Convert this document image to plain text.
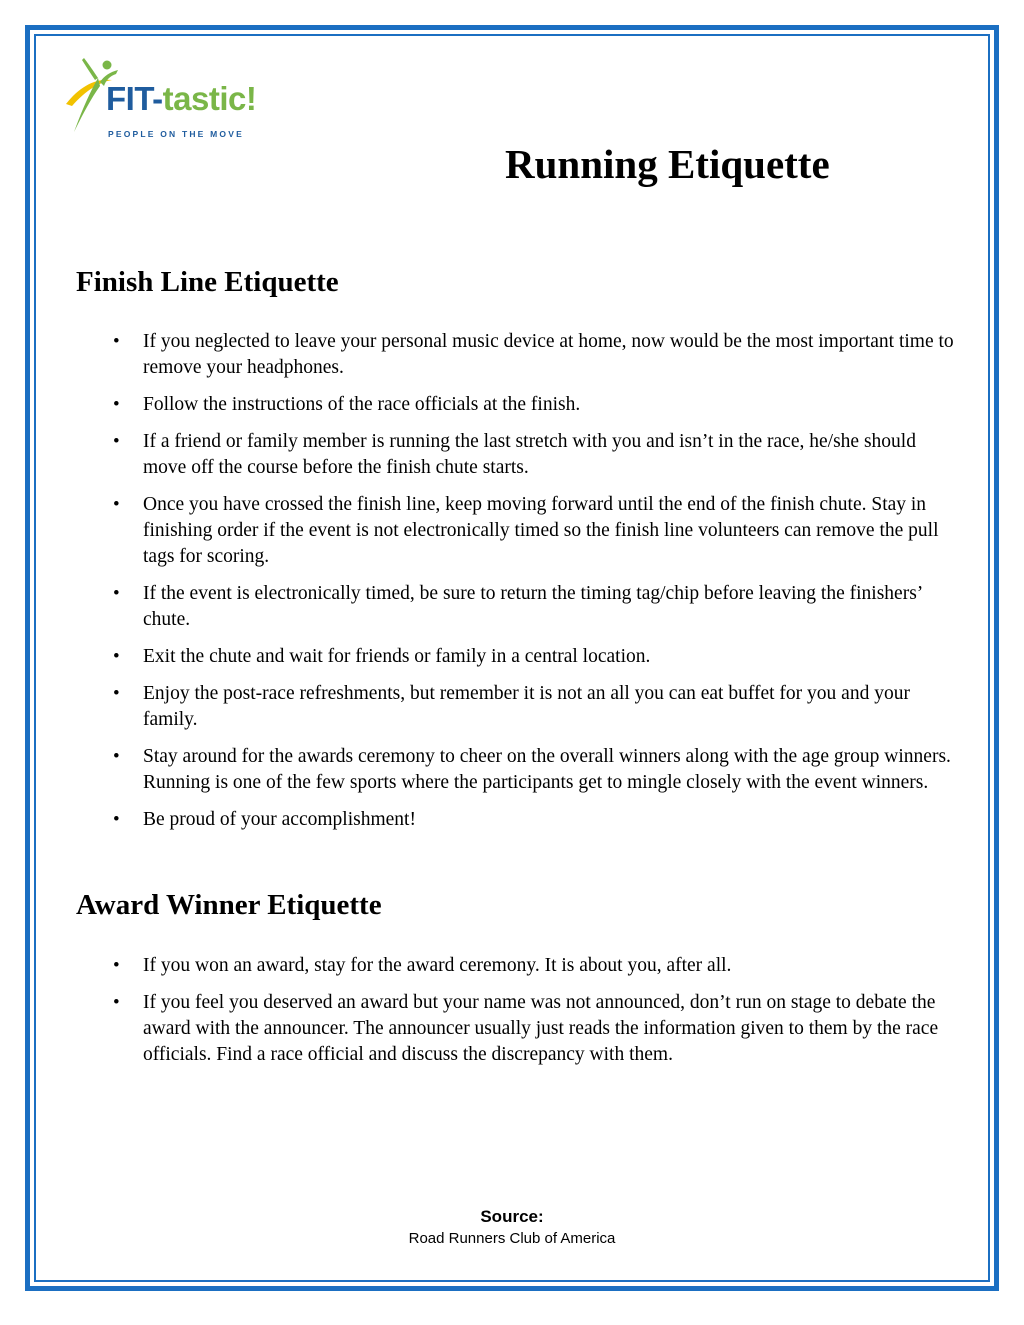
FIT-tastic!
PEOPLE ON THE MOVE
Running Etiquette
Finish Line Etiquette
• If you neglected to leave your personal music device at home, now would be the most important time to remove your headphones.
• Follow the instructions of the race officials at the finish.
• If a friend or family member is running the last stretch with you and isn’t in the race, he/she should move off the course before the finish chute starts.
• Once you have crossed the finish line, keep moving forward until the end of the finish chute. Stay in finishing order if the event is not electronically timed so the finish line volunteers can remove the pull tags for scoring.
• If the event is electronically timed, be sure to return the timing tag/chip before leaving the finishers’ chute.
• Exit the chute and wait for friends or family in a central location.
• Enjoy the post-race refreshments, but remember it is not an all you can eat buffet for you and your family.
• Stay around for the awards ceremony to cheer on the overall winners along with the age group winners. Running is one of the few sports where the participants get to mingle closely with the event winners.
• Be proud of your accomplishment!
Award Winner Etiquette
• If you won an award, stay for the award ceremony. It is about you, after all.
• If you feel you deserved an award but your name was not announced, don’t run on stage to debate the award with the announcer. The announcer usually just reads the information given to them by the race officials. Find a race official and discuss the discrepancy with them.
Source:
Road Runners Club of America
